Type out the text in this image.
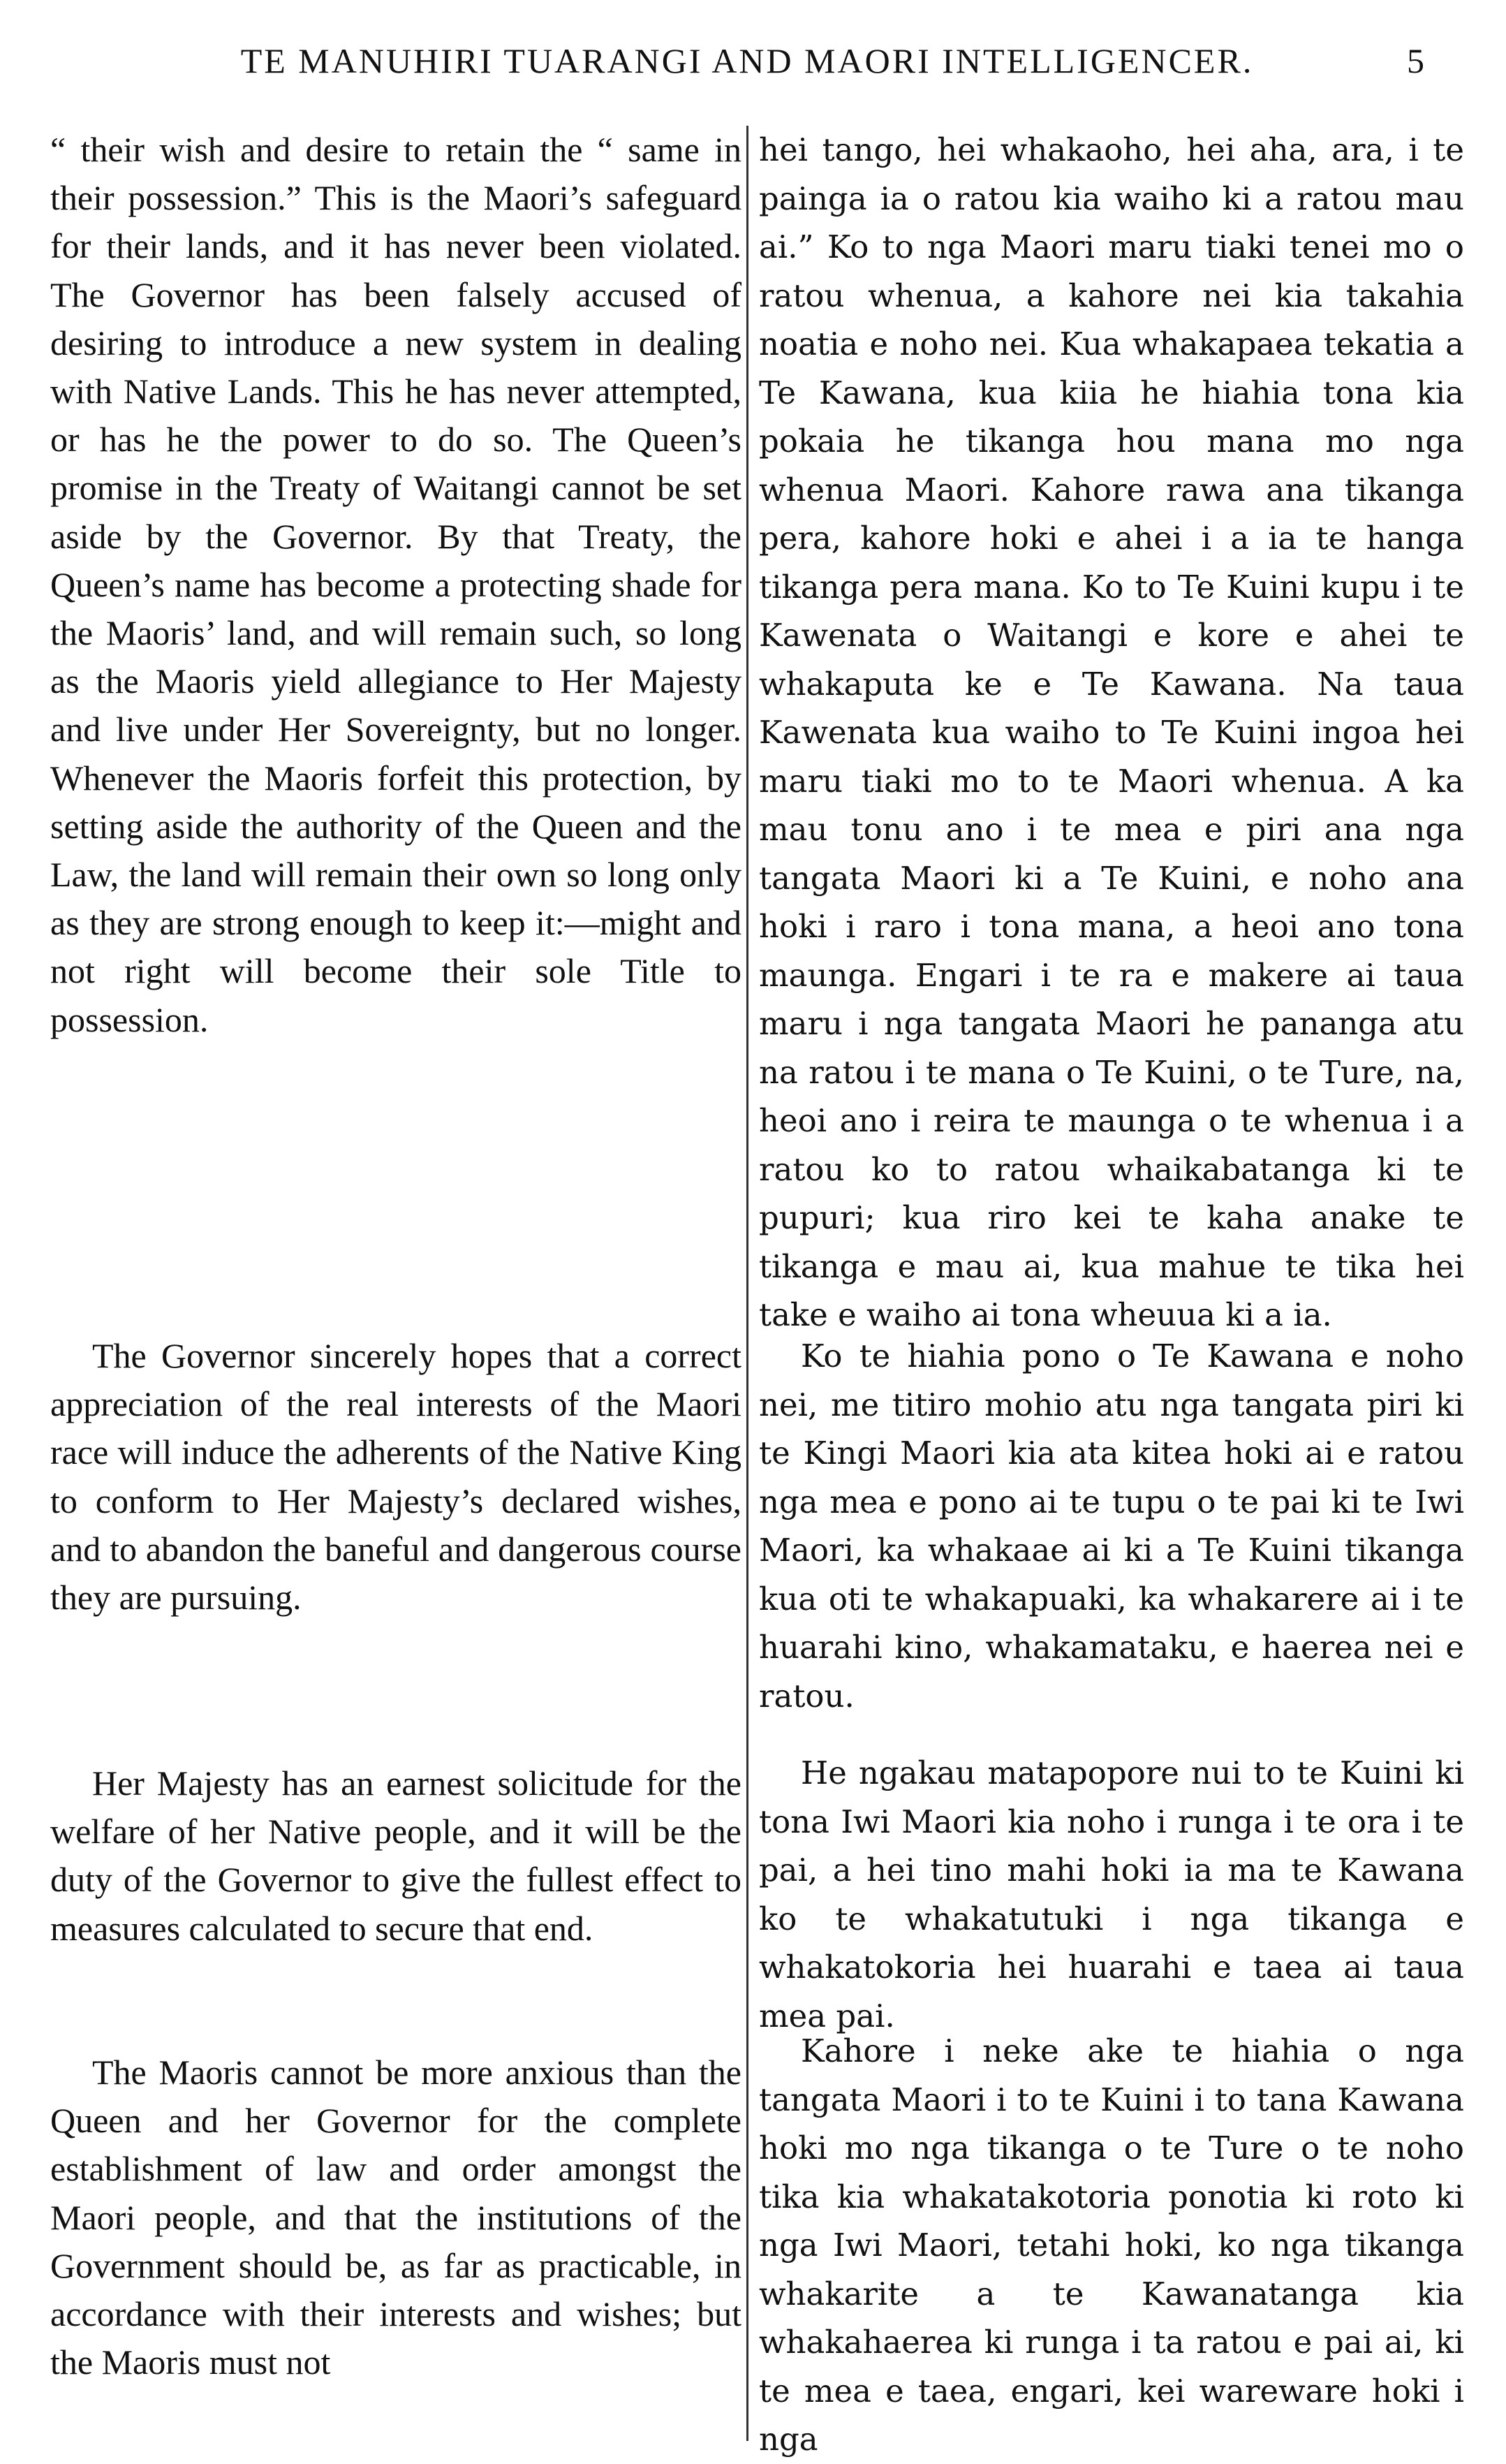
TE MANUHIRI TUARANGI AND MAORI INTELLIGENCER.	5

“ their wish and desire to retain the “ same in their possession.” This is the Maori’s safeguard for their lands, and it has never been violated. The Governor has been falsely accused of desiring to introduce a new system in dealing with Native Lands. This he has never attempted, or has he the power to do so. The Queen’s promise in the Treaty of Waitangi cannot be set aside by the Governor. By that Treaty, the Queen’s name has become a protecting shade for the Maoris’ land, and will remain such, so long as the Maoris yield allegiance to Her Majesty and live under Her Sovereignty, but no longer. Whenever the Maoris forfeit this protection, by setting aside the authority of the Queen and the Law, the land will remain their own so long only as they are strong enough to keep it:—might and not right will become their sole Title to possession.

The Governor sincerely hopes that a correct appreciation of the real interests of the Maori race will induce the adherents of the Native King to conform to Her Majesty’s declared wishes, and to abandon the baneful and dangerous course they are pursuing.

Her Majesty has an earnest solicitude for the welfare of her Native people, and it will be the duty of the Governor to give the fullest effect to measures calculated to secure that end.

The Maoris cannot be more anxious than the Queen and her Governor for the complete establishment of law and order amongst the Maori people, and that the institutions of the Government should be, as far as practicable, in accordance with their interests and wishes; but the Maoris must not

hei tango, hei whakaoho, hei aha, ara, i te painga ia o ratou kia waiho ki a ratou mau ai.” Ko to nga Maori maru tiaki tenei mo o ratou whenua, a kahore nei kia takahia noatia e noho nei. Kua whakapaea tekatia a Te Kawana, kua kiia he hiahia tona kia pokaia he tikanga hou mana mo nga whenua Maori. Kahore rawa ana tikanga pera, kahore hoki e ahei i a ia te hanga tikanga pera mana. Ko to Te Kuini kupu i te Kawenata o Waitangi e kore e ahei te whakaputa ke e Te Kawana. Na taua Kawenata kua waiho to Te Kuini ingoa hei maru tiaki mo to te Maori whenua. A ka mau tonu ano i te mea e piri ana nga tangata Maori ki a Te Kuini, e noho ana hoki i raro i tona mana, a heoi ano tona maunga. Engari i te ra e makere ai taua maru i nga tangata Maori he pananga atu na ratou i te mana o Te Kuini, o te Ture, na, heoi ano i reira te maunga o te whenua i a ratou ko to ratou whaikabatanga ki te pupuri; kua riro kei te kaha anake te tikanga e mau ai, kua mahue te tika hei take e waiho ai tona wheuua ki a ia.

Ko te hiahia pono o Te Kawana e noho nei, me titiro mohio atu nga tangata piri ki te Kingi Maori kia ata kitea hoki ai e ratou nga mea e pono ai te tupu o te pai ki te Iwi Maori, ka whakaae ai ki a Te Kuini tikanga kua oti te whakapuaki, ka whakarere ai i te huarahi kino, whakamataku, e haerea nei e ratou.

He ngakau matapopore nui to te Kuini ki tona Iwi Maori kia noho i runga i te ora i te pai, a hei tino mahi hoki ia ma te Kawana ko te whakatutuki i nga tikanga e whakatokoria hei huarahi e taea ai taua mea pai.

Kahore i neke ake te hiahia o nga tangata Maori i to te Kuini i to tana Kawana hoki mo nga tikanga o te Ture o te noho tika kia whakatakotoria ponotia ki roto ki nga Iwi Maori, tetahi hoki, ko nga tikanga whakarite a te Kawanatanga kia whakahaerea ki runga i ta ratou e pai ai, ki te mea e taea, engari, kei wareware hoki i nga
